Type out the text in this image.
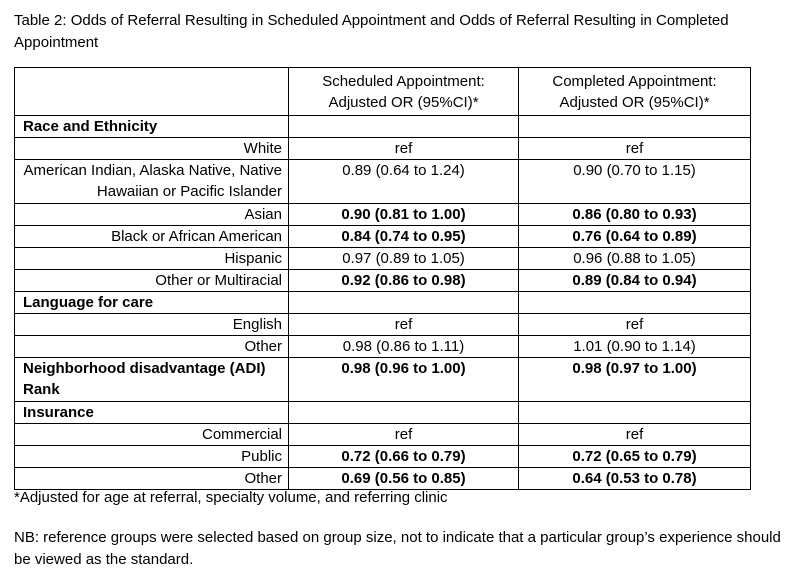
Table 2: Odds of Referral Resulting in Scheduled Appointment and Odds of Referral Resulting in Completed Appointment
	Scheduled Appointment: Adjusted OR (95%CI)*	Completed Appointment: Adjusted OR (95%CI)*
Race and Ethnicity		
White	ref	ref
American Indian, Alaska Native, Native Hawaiian or Pacific Islander	0.89 (0.64 to 1.24)	0.90 (0.70 to 1.15)
Asian	0.90 (0.81 to 1.00)	0.86 (0.80 to 0.93)
Black or African American	0.84 (0.74 to 0.95)	0.76 (0.64 to 0.89)
Hispanic	0.97 (0.89 to 1.05)	0.96 (0.88 to 1.05)
Other or Multiracial	0.92 (0.86 to 0.98)	0.89 (0.84 to 0.94)
Language for care		
English	ref	ref
Other	0.98 (0.86 to 1.11)	1.01 (0.90 to 1.14)
Neighborhood disadvantage (ADI) Rank	0.98 (0.96 to 1.00)	0.98 (0.97 to 1.00)
Insurance		
Commercial	ref	ref
Public	0.72 (0.66 to 0.79)	0.72 (0.65 to 0.79)
Other	0.69 (0.56 to 0.85)	0.64 (0.53 to 0.78)
*Adjusted for age at referral, specialty volume, and referring clinic
NB: reference groups were selected based on group size, not to indicate that a particular group’s experience should be viewed as the standard.
